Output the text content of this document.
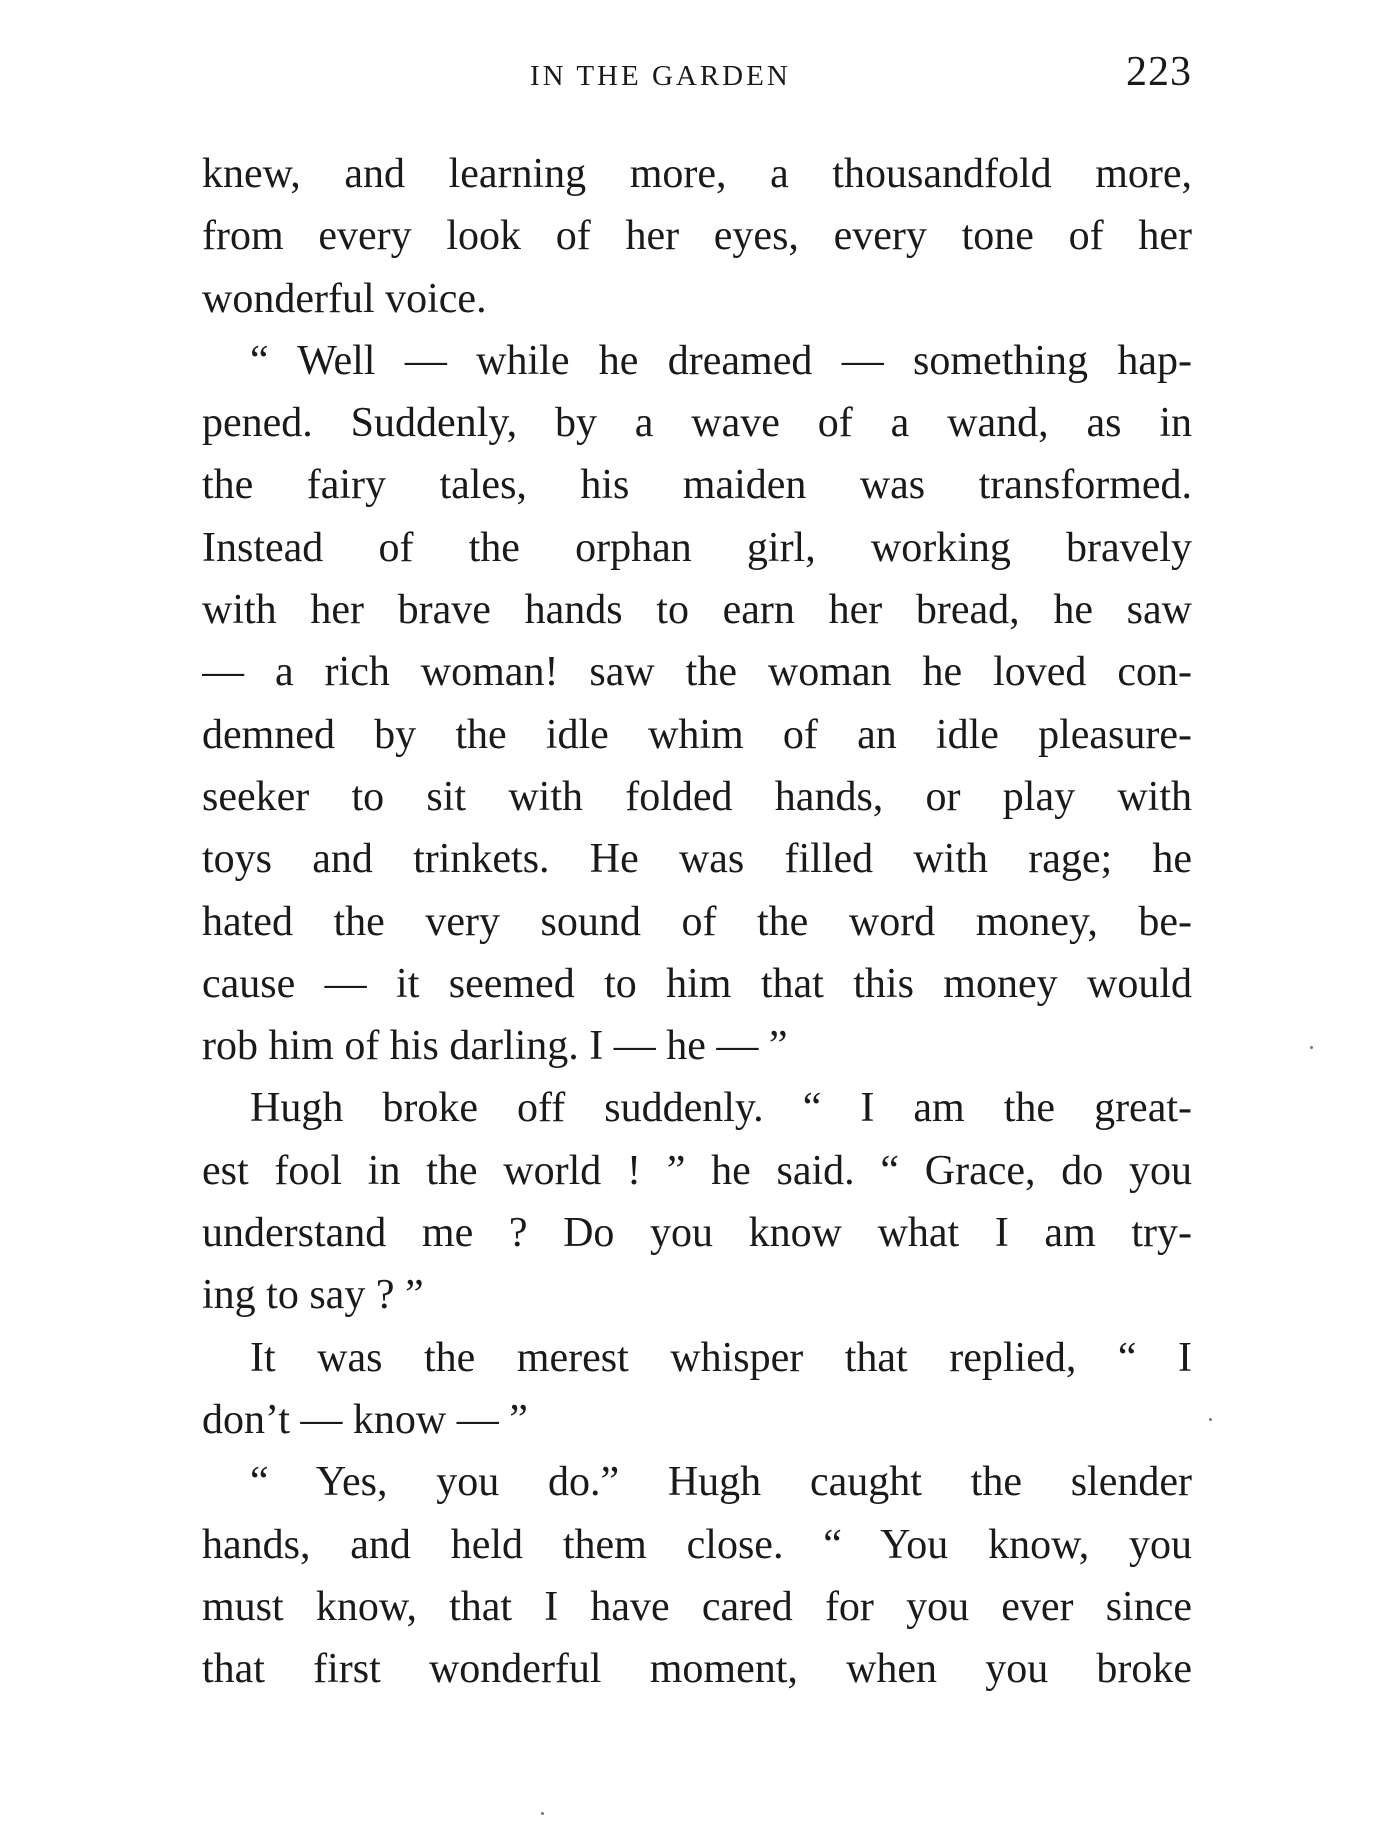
IN THE GARDEN	223
knew, and learning more, a thousandfold more,
from every look of her eyes, every tone of her
wonderful voice.
“ Well — while he dreamed — something hap-
pened. Suddenly, by a wave of a wand, as in
the fairy tales, his maiden was transformed.
Instead of the orphan girl, working bravely
with her brave hands to earn her bread, he saw
— a rich woman! saw the woman he loved con-
demned by the idle whim of an idle pleasure-
seeker to sit with folded hands, or play with
toys and trinkets. He was filled with rage; he
hated the very sound of the word money, be-
cause — it seemed to him that this money would
rob him of his darling. I — he — ”
Hugh broke off suddenly. “ I am the great-
est fool in the world ! ” he said. “ Grace, do you
understand me ? Do you know what I am try-
ing to say ? ”
It was the merest whisper that replied, “ I
don’t — know — ”
“ Yes, you do.” Hugh caught the slender
hands, and held them close. “ You know, you
must know, that I have cared for you ever since
that first wonderful moment, when you broke
